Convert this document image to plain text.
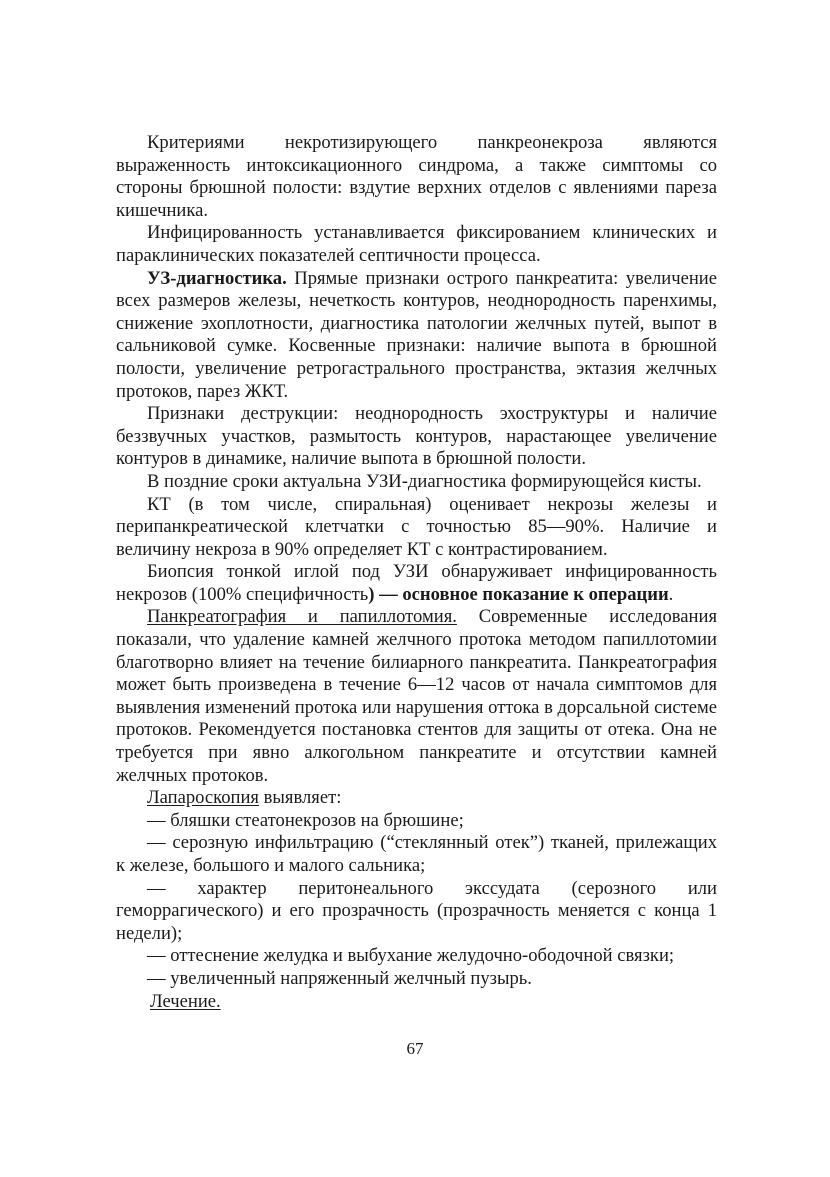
Критериями некротизирующего панкреонекроза являются выраженность интоксикационного синдрома, а также симптомы со стороны брюшной полости: вздутие верхних отделов с явлениями пареза кишечника.

Инфицированность устанавливается фиксированием клинических и параклинических показателей септичности процесса.

УЗ-диагностика. Прямые признаки острого панкреатита: увеличение всех размеров железы, нечеткость контуров, неоднородность паренхимы, снижение эхоплотности, диагностика патологии желчных путей, выпот в сальниковой сумке. Косвенные признаки: наличие выпота в брюшной полости, увеличение ретрогастрального пространства, эктазия желчных протоков, парез ЖКТ.

Признаки деструкции: неоднородность эхоструктуры и наличие беззвучных участков, размытость контуров, нарастающее увеличение контуров в динамике, наличие выпота в брюшной полости.

В поздние сроки актуальна УЗИ-диагностика формирующейся кисты.

КТ (в том числе, спиральная) оценивает некрозы железы и перипанкреатической клетчатки с точностью 85—90%. Наличие и величину некроза в 90% определяет КТ с контрастированием.

Биопсия тонкой иглой под УЗИ обнаруживает инфицированность некрозов (100% специфичность) — основное показание к операции.

Панкреатография и папиллотомия. Современные исследования показали, что удаление камней желчного протока методом папиллотомии благотворно влияет на течение билиарного панкреатита. Панкреатография может быть произведена в течение 6—12 часов от начала симптомов для выявления изменений протока или нарушения оттока в дорсальной системе протоков. Рекомендуется постановка стентов для защиты от отека. Она не требуется при явно алкогольном панкреатите и отсутствии камней желчных протоков.

Лапароскопия выявляет:

— бляшки стеатонекрозов на брюшине;

— серозную инфильтрацию (“стеклянный отек”) тканей, прилежащих к железе, большого и малого сальника;

— характер перитонеального экссудата (серозного или геморрагического) и его прозрачность (прозрачность меняется с конца 1 недели);

— оттеснение желудка и выбухание желудочно-ободочной связки;

— увеличенный напряженный желчный пузырь.

Лечение.
67
